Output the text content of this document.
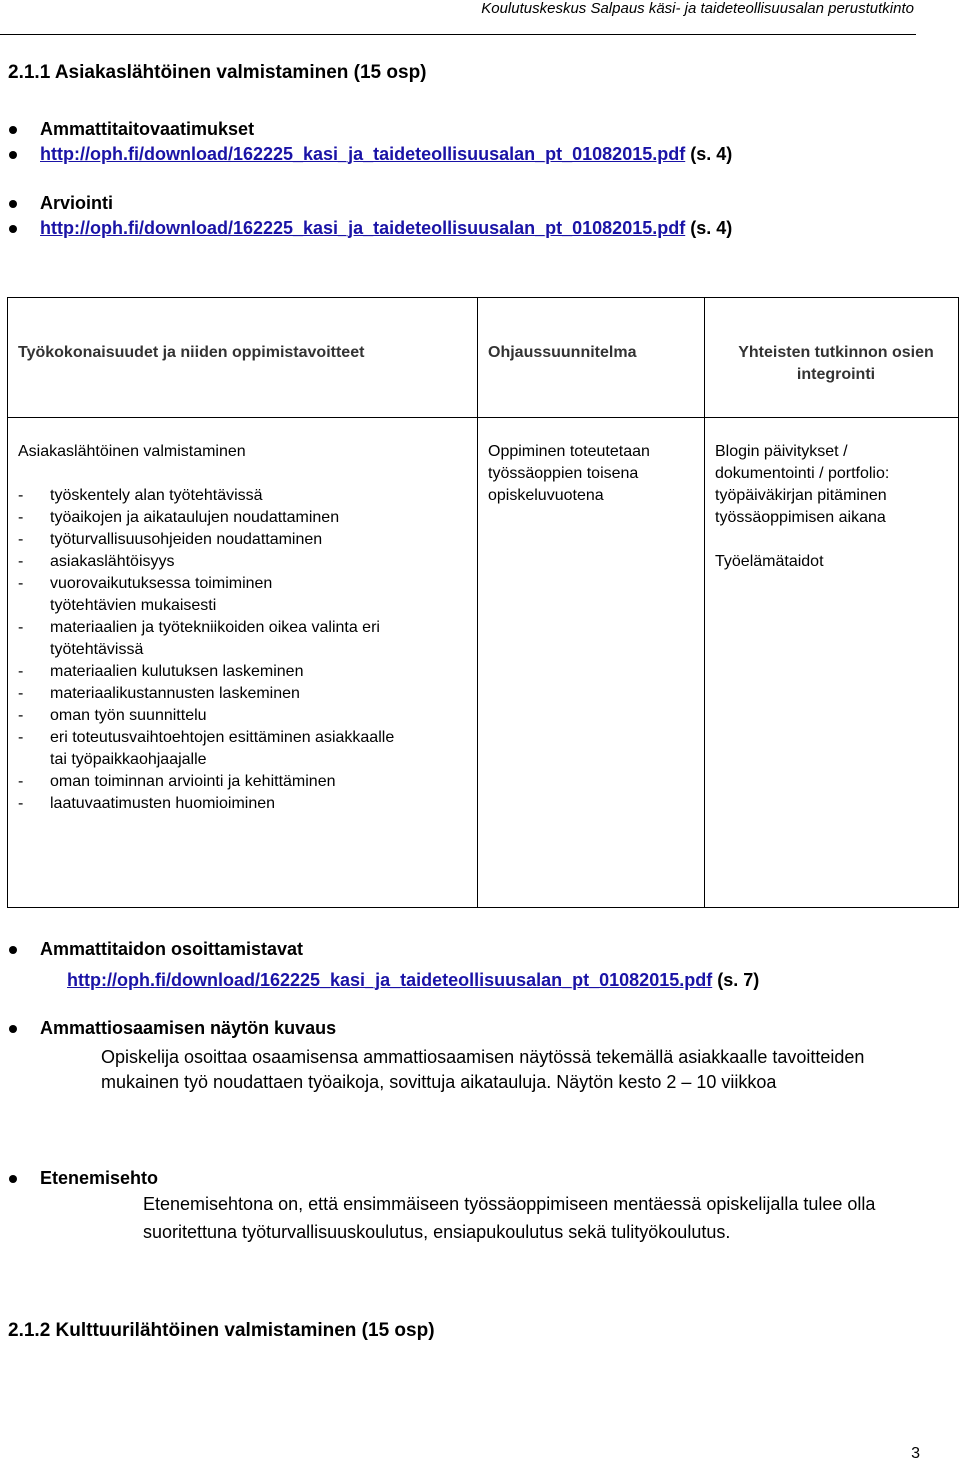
Koulutuskeskus Salpaus käsi- ja taideteollisuusalan perustutkinto
2.1.1 Asiakaslähtöinen valmistaminen (15 osp)
Ammattitaitovaatimukset
http://oph.fi/download/162225_kasi_ja_taideteollisuusalan_pt_01082015.pdf (s. 4)
Arviointi
http://oph.fi/download/162225_kasi_ja_taideteollisuusalan_pt_01082015.pdf (s. 4)
Työkokonaisuudet ja niiden oppimistavoitteet	Ohjaussuunnitelma	Yhteisten tutkinnon osien integrointi
Asiakaslähtöinen valmistaminen
- työskentely alan työtehtävissä
- työaikojen ja aikataulujen noudattaminen
- työturvallisuusohjeiden noudattaminen
- asiakaslähtöisyys
- vuorovaikutuksessa toimiminen työtehtävien mukaisesti
- materiaalien ja työtekniikoiden oikea valinta eri työtehtävissä
- materiaalien kulutuksen laskeminen
- materiaalikustannusten laskeminen
- oman työn suunnittelu
- eri toteutusvaihtoehtojen esittäminen asiakkaalle tai työpaikkaohjaajalle
- oman toiminnan arviointi ja kehittäminen
- laatuvaatimusten huomioiminen
Oppiminen toteutetaan työssäoppien toisena opiskeluvuotena
Blogin päivitykset / dokumentointi / portfolio: työpäiväkirjan pitäminen työssäoppimisen aikana
Työelämätaidot
Ammattitaidon osoittamistavat
http://oph.fi/download/162225_kasi_ja_taideteollisuusalan_pt_01082015.pdf (s. 7)
Ammattiosaamisen näytön kuvaus
Opiskelija osoittaa osaamisensa ammattiosaamisen näytössä tekemällä asiakkaalle tavoitteiden mukainen työ noudattaen työaikoja, sovittuja aikatauluja. Näytön kesto 2 – 10 viikkoa
Etenemisehto
Etenemisehtona on, että ensimmäiseen työssäoppimiseen mentäessä opiskelijalla tulee olla suoritettuna työturvallisuuskoulutus, ensiapukoulutus sekä tulityökoulutus.
2.1.2 Kulttuurilähtöinen valmistaminen (15 osp)
3
